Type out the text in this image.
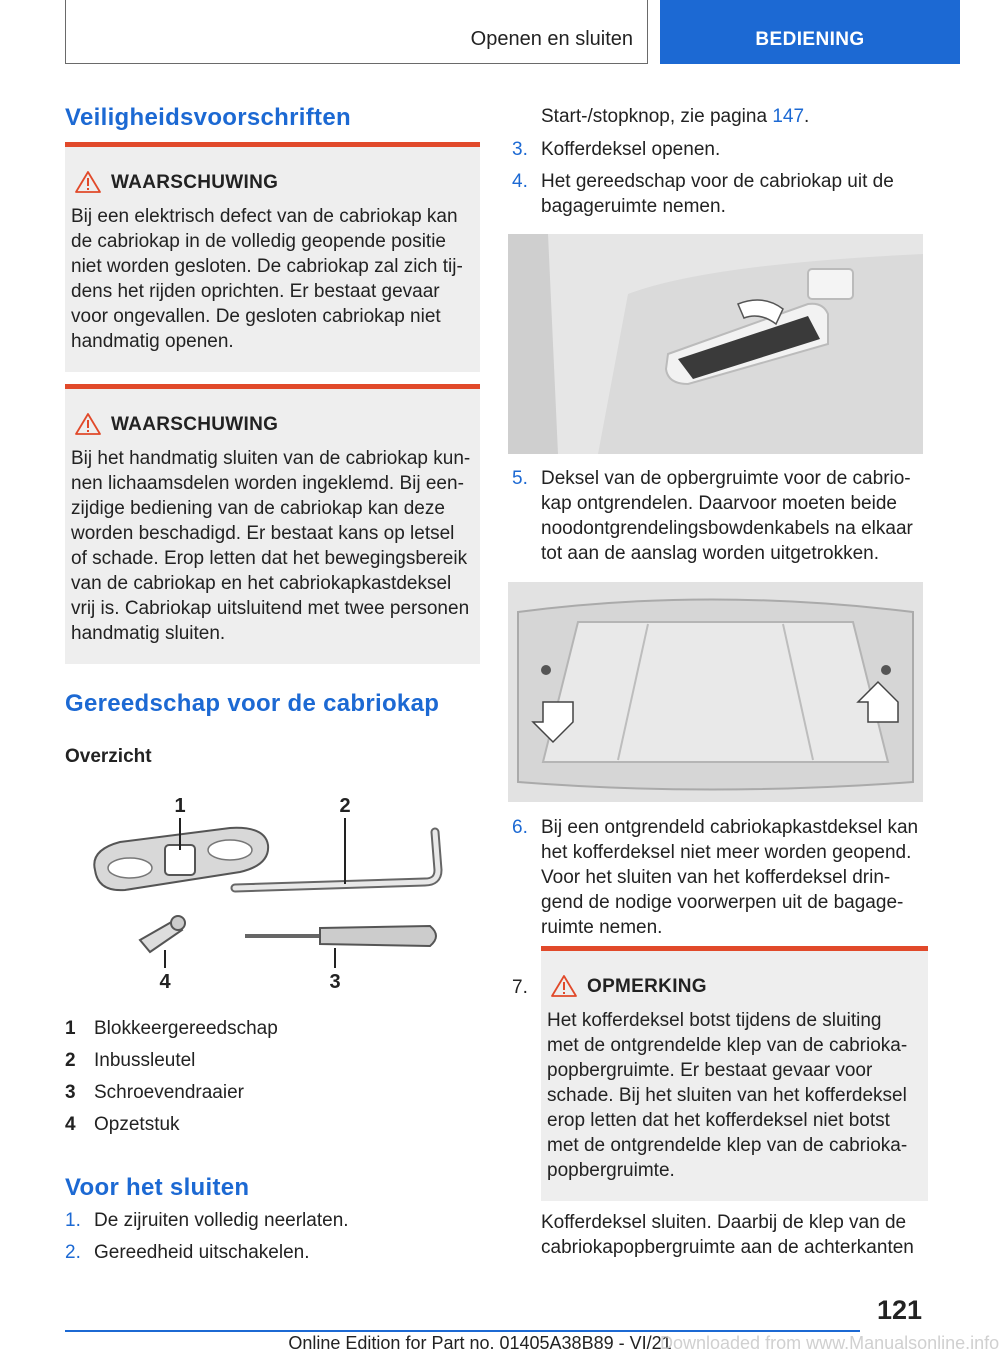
Openen en sluiten	BEDIENING
Veiligheidsvoorschriften
WAARSCHUWING
Bij een elektrisch defect van de cabriokap kan
de cabriokap in de volledig geopende positie
niet worden gesloten. De cabriokap zal zich tij-
dens het rijden oprichten. Er bestaat gevaar
voor ongevallen. De gesloten cabriokap niet
handmatig openen.
WAARSCHUWING
Bij het handmatig sluiten van de cabriokap kun-
nen lichaamsdelen worden ingeklemd. Bij een-
zijdige bediening van de cabriokap kan deze
worden beschadigd. Er bestaat kans op letsel
of schade. Erop letten dat het bewegingsbereik
van de cabriokap en het cabriokapkastdeksel
vrij is. Cabriokap uitsluitend met twee personen
handmatig sluiten.
Gereedschap voor de cabriokap
Overzicht
1	2
3
4
1 Blokkeergereedschap
2 Inbussleutel
3 Schroevendraaier
4 Opzetstuk
Voor het sluiten
1. De zijruiten volledig neerlaten.
2. Gereedheid uitschakelen.
Start-/stopknop, zie pagina 147.
3. Kofferdeksel openen.
4. Het gereedschap voor de cabriokap uit de
bagageruimte nemen.
5. Deksel van de opbergruimte voor de cabrio-
kap ontgrendelen. Daarvoor moeten beide
noodontgrendelingsbowdenkabels na elkaar
tot aan de aanslag worden uitgetrokken.
6. Bij een ontgrendeld cabriokapkastdeksel kan
het kofferdeksel niet meer worden geopend.
Voor het sluiten van het kofferdeksel drin-
gend de nodige voorwerpen uit de bagage-
ruimte nemen.
7.	OPMERKING
Het kofferdeksel botst tijdens de sluiting
met de ontgrendelde klep van de cabrioka-
popbergruimte. Er bestaat gevaar voor
schade. Bij het sluiten van het kofferdeksel
erop letten dat het kofferdeksel niet botst
met de ontgrendelde klep van de cabrioka-
popbergruimte.
Kofferdeksel sluiten. Daarbij de klep van de
cabriokapopbergruimte aan de achterkanten
121
Online Edition for Part no. 01405A38B89 - VI/21
Downloaded from www.Manualsonline.info
